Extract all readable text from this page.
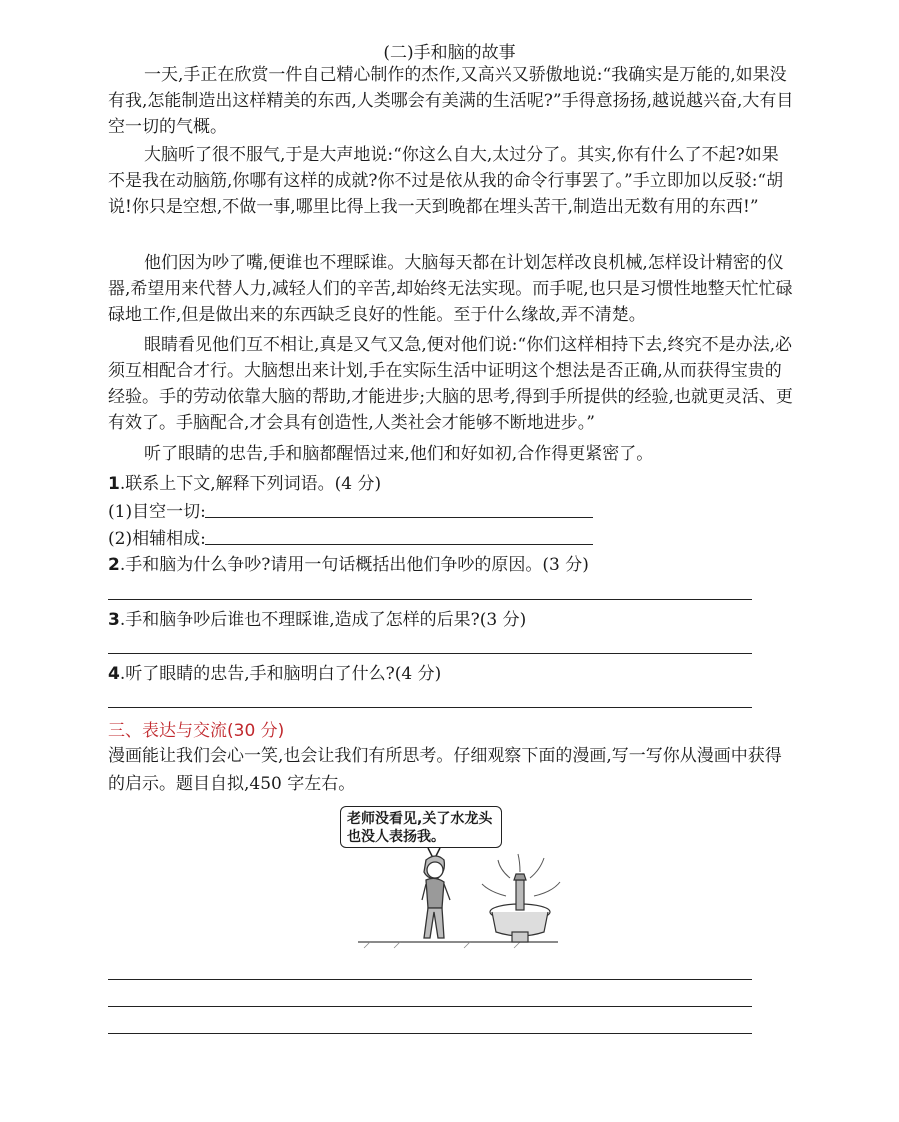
(二)手和脑的故事

一天,手正在欣赏一件自己精心制作的杰作,又高兴又骄傲地说:“我确实是万能的,如果没有我,怎能制造出这样精美的东西,人类哪会有美满的生活呢?”手得意扬扬,越说越兴奋,大有目空一切的气概。

大脑听了很不服气,于是大声地说:“你这么自大,太过分了。其实,你有什么了不起?如果不是我在动脑筋,你哪有这样的成就?你不过是依从我的命令行事罢了。”手立即加以反驳:“胡说!你只是空想,不做一事,哪里比得上我一天到晚都在埋头苦干,制造出无数有用的东西!”

他们因为吵了嘴,便谁也不理睬谁。大脑每天都在计划怎样改良机械,怎样设计精密的仪器,希望用来代替人力,减轻人们的辛苦,却始终无法实现。而手呢,也只是习惯性地整天忙忙碌碌地工作,但是做出来的东西缺乏良好的性能。至于什么缘故,弄不清楚。

眼睛看见他们互不相让,真是又气又急,便对他们说:“你们这样相持下去,终究不是办法,必须互相配合才行。大脑想出来计划,手在实际生活中证明这个想法是否正确,从而获得宝贵的经验。手的劳动依靠大脑的帮助,才能进步;大脑的思考,得到手所提供的经验,也就更灵活、更有效了。手脑配合,才会具有创造性,人类社会才能够不断地进步。”

听了眼睛的忠告,手和脑都醒悟过来,他们和好如初,合作得更紧密了。

1.联系上下文,解释下列词语。(4 分)
(1)目空一切:
(2)相辅相成:
2.手和脑为什么争吵?请用一句话概括出他们争吵的原因。(3 分)
3.手和脑争吵后谁也不理睬谁,造成了怎样的后果?(3 分)
4.听了眼睛的忠告,手和脑明白了什么?(4 分)
三、表达与交流(30 分)

漫画能让我们会心一笑,也会让我们有所思考。仔细观察下面的漫画,写一写你从漫画中获得的启示。题目自拟,450 字左右。

老师没看见,关了水龙头也没人表扬我。
